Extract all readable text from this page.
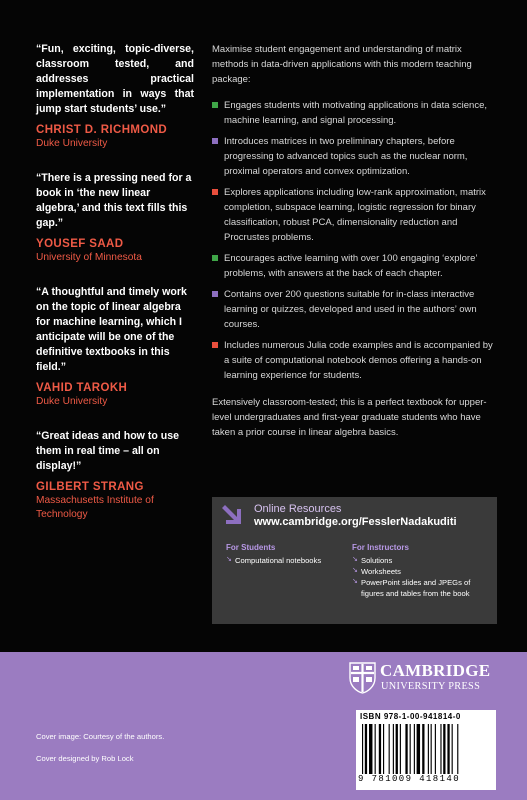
“Fun, exciting, topic-diverse, classroom tested, and addresses practical implementation in ways that jump start students’ use.”

CHRIST D. RICHMOND
Duke University

“There is a pressing need for a book in ‘the new linear algebra,’ and this text fills this gap.”

YOUSEF SAAD
University of Minnesota

“A thoughtful and timely work on the topic of linear algebra for machine learning, which I anticipate will be one of the definitive textbooks in this field.”

VAHID TAROKH
Duke University

“Great ideas and how to use them in real time – all on display!”

GILBERT STRANG
Massachusetts Institute of Technology

Maximise student engagement and understanding of matrix methods in data-driven applications with this modern teaching package:

Engages students with motivating applications in data science, machine learning, and signal processing.
Introduces matrices in two preliminary chapters, before progressing to advanced topics such as the nuclear norm, proximal operators and convex optimization.
Explores applications including low-rank approximation, matrix completion, subspace learning, logistic regression for binary classification, robust PCA, dimensionality reduction and Procrustes problems.
Encourages active learning with over 100 engaging ‘explore’ problems, with answers at the back of each chapter.
Contains over 200 questions suitable for in-class interactive learning or quizzes, developed and used in the authors’ own courses.
Includes numerous Julia code examples and is accompanied by a suite of computational notebook demos offering a hands-on learning experience for students.

Extensively classroom-tested; this is a perfect textbook for upper-level undergraduates and first-year graduate students who have taken a prior course in linear algebra basics.

Online Resources
www.cambridge.org/FesslerNadakuditi
For Students
↘ Computational notebooks
For Instructors
↘ Solutions
↘ Worksheets
↘ PowerPoint slides and JPEGs of figures and tables from the book
CAMBRIDGE
UNIVERSITY PRESS
Cover image: Courtesy of the authors.
Cover designed by Rob Lock
ISBN 978-1-00-941814-0
9 781009 418140
